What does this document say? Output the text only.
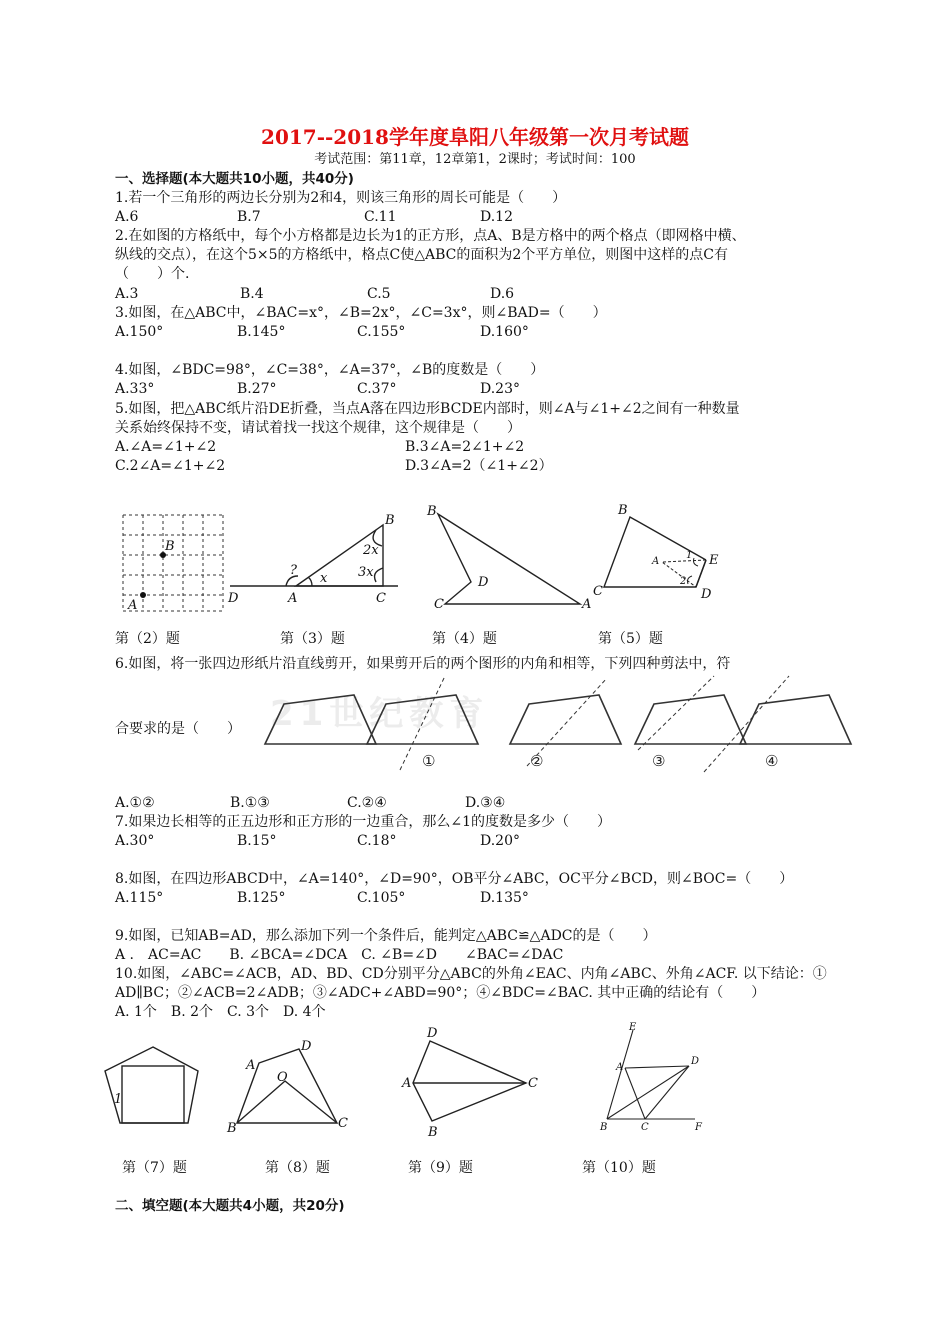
2017--2018学年度阜阳八年级第一次月考试题
考试范围：第11章，12章第1，2课时；考试时间：100
一、选择题(本大题共10小题，共40分)
1.若一个三角形的两边长分别为2和4，则该三角形的周长可能是（　　）
A.6	B.7	C.11	D.12
2.在如图的方格纸中，每个小方格都是边长为1的正方形，点A、B是方格中的两个格点（即网格中横、
纵线的交点），在这个5×5的方格纸中，格点C使△ABC的面积为2个平方单位，则图中这样的点C有
（　　）个.
A.3	B.4	C.5	D.6
3.如图，在△ABC中，∠BAC=x°，∠B=2x°，∠C=3x°，则∠BAD=（　　）
A.150°	B.145°	C.155°	D.160°
4.如图，∠BDC=98°，∠C=38°，∠A=37°，∠B的度数是（　　）
A.33°	B.27°	C.37°	D.23°
5.如图，把△ABC纸片沿DE折叠，当点A落在四边形BCDE内部时，则∠A与∠1+∠2之间有一种数量
关系始终保持不变，请试着找一找这个规律，这个规律是（　　）
A.∠A=∠1+∠2	B.3∠A=2∠1+∠2
C.2∠A=∠1+∠2	D.3∠A=2（∠1+∠2）
B
A
B
2x
3x
?
x
D	A	C
B
D
C	A
B
A
1 E
2
C	D
第（2）题	第（3）题	第（4）题	第（5）题
6.如图，将一张四边形纸片沿直线剪开，如果剪开后的两个图形的内角和相等，下列四种剪法中，符
21世纪教育
合要求的是（　　）
①	②	③	④
A.①②	B.①③	C.②④	D.③④
7.如果边长相等的正五边形和正方形的一边重合，那么∠1的度数是多少（　　）
A.30°	B.15°	C.18°	D.20°
8.如图，在四边形ABCD中，∠A=140°，∠D=90°，OB平分∠ABC，OC平分∠BCD，则∠BOC=（　　）
A.115°	B.125°	C.105°	D.135°
9.如图，已知AB=AD，那么添加下列一个条件后，能判定△ABC≌△ADC的是（　　）
A .　AC=AC　　B. ∠BCA=∠DCA　C. ∠B=∠D　　∠BAC=∠DAC
10.如图，∠ABC=∠ACB，AD、BD、CD分别平分△ABC的外角∠EAC、内角∠ABC、外角∠ACF. 以下结论：①
AD∥BC；②∠ACB=2∠ADB；③∠ADC+∠ABD=90°；④∠BDC=∠BAC. 其中正确的结论有（　　）
A. 1个　B. 2个　C. 3个　D. 4个
1
D
A
O
B	C
D
A	C
B
E
A
D
B	C	F
第（7）题	第（8）题	第（9）题	第（10）题
二、填空题(本大题共4小题，共20分)
